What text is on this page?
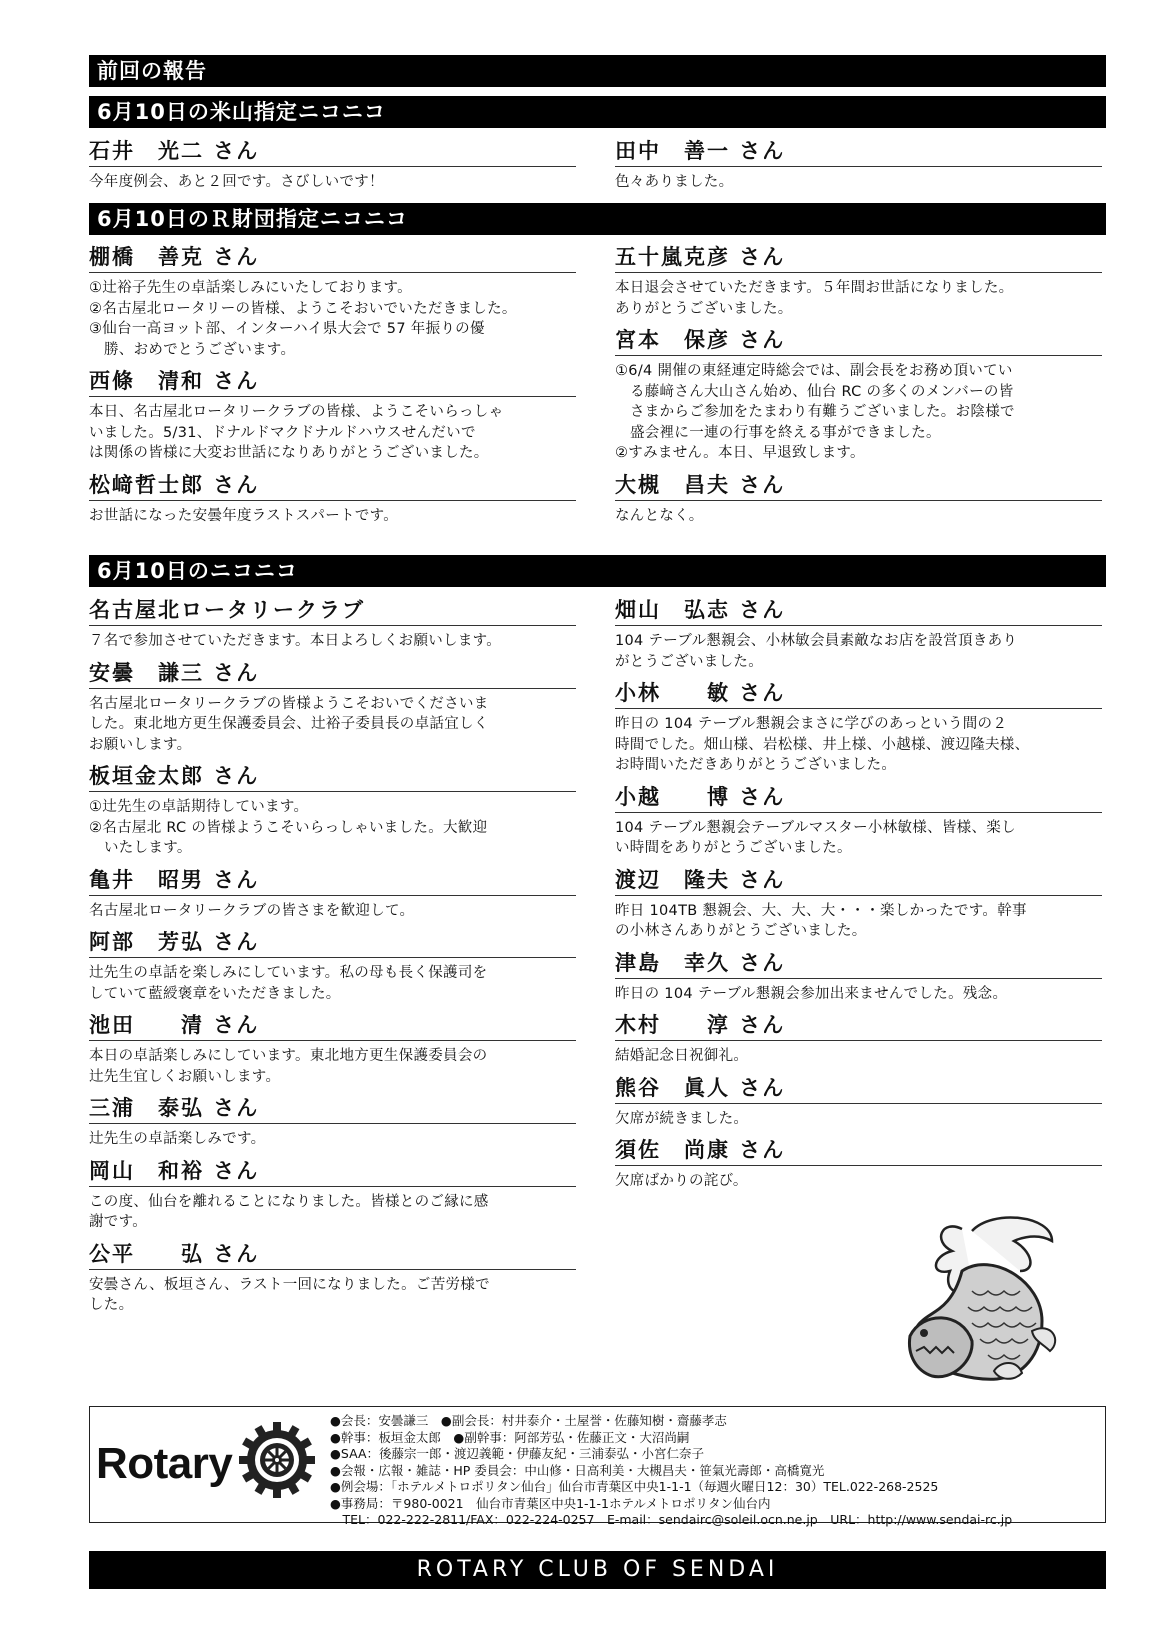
前回の報告
6月10日の米山指定ニコニコ
石井　光二 さん
今年度例会、あと２回です。さびしいです！
田中　善一 さん
色々ありました。
6月10日のＲ財団指定ニコニコ
棚橋　善克 さん
①辻裕子先生の卓話楽しみにいたしております。
②名古屋北ロータリーの皆様、ようこそおいでいただきました。
③仙台一高ヨット部、インターハイ県大会で 57 年振りの優
勝、おめでとうございます。
西條　清和 さん
本日、名古屋北ロータリークラブの皆様、ようこそいらっしゃ
いました。5/31、ドナルドマクドナルドハウスせんだいで
は関係の皆様に大変お世話になりありがとうございました。
松﨑哲士郎 さん
お世話になった安曇年度ラストスパートです。
五十嵐克彦 さん
本日退会させていただきます。５年間お世話になりました。
ありがとうございました。
宮本　保彦 さん
①6/4 開催の東経連定時総会では、副会長をお務め頂いてい
る藤﨑さん大山さん始め、仙台 RC の多くのメンバーの皆
さまからご参加をたまわり有難うございました。お陰様で
盛会裡に一連の行事を終える事ができました。
②すみません。本日、早退致します。
大槻　昌夫 さん
なんとなく。
6月10日のニコニコ
名古屋北ロータリークラブ
７名で参加させていただきます。本日よろしくお願いします。
安曇　謙三 さん
名古屋北ロータリークラブの皆様ようこそおいでくださいま
した。東北地方更生保護委員会、辻裕子委員長の卓話宜しく
お願いします。
板垣金太郎 さん
①辻先生の卓話期待しています。
②名古屋北 RC の皆様ようこそいらっしゃいました。大歓迎
いたします。
亀井　昭男 さん
名古屋北ロータリークラブの皆さまを歓迎して。
阿部　芳弘 さん
辻先生の卓話を楽しみにしています。私の母も長く保護司を
していて藍綬褒章をいただきました。
池田　　清 さん
本日の卓話楽しみにしています。東北地方更生保護委員会の
辻先生宜しくお願いします。
三浦　泰弘 さん
辻先生の卓話楽しみです。
岡山　和裕 さん
この度、仙台を離れることになりました。皆様とのご縁に感
謝です。
公平　　弘 さん
安曇さん、板垣さん、ラスト一回になりました。ご苦労様で
した。
畑山　弘志 さん
104 テーブル懇親会、小林敏会員素敵なお店を設営頂きあり
がとうございました。
小林　　敏 さん
昨日の 104 テーブル懇親会まさに学びのあっという間の２
時間でした。畑山様、岩松様、井上様、小越様、渡辺隆夫様、
お時間いただきありがとうございました。
小越　　博 さん
104 テーブル懇親会テーブルマスター小林敏様、皆様、楽し
い時間をありがとうございました。
渡辺　隆夫 さん
昨日 104TB 懇親会、大、大、大・・・楽しかったです。幹事
の小林さんありがとうございました。
津島　幸久 さん
昨日の 104 テーブル懇親会参加出来ませんでした。残念。
木村　　淳 さん
結婚記念日祝御礼。
熊谷　眞人 さん
欠席が続きました。
須佐　尚康 さん
欠席ばかりの詫び。
Rotary
●会長：安曇謙三　●副会長：村井泰介・土屋誉・佐藤知樹・齋藤孝志
●幹事：板垣金太郎　●副幹事：阿部芳弘・佐藤正文・大沼尚嗣
●SAA：後藤宗一郎・渡辺義範・伊藤友紀・三浦泰弘・小宮仁奈子
●会報・広報・雑誌・HP 委員会：中山修・日高利美・大槻昌夫・笹氣光壽郎・高橋寛光
●例会場：「ホテルメトロポリタン仙台」仙台市青葉区中央1-1-1（毎週火曜日12：30）TEL.022-268-2525
●事務局：〒980-0021　仙台市青葉区中央1-1-1ホテルメトロポリタン仙台内
　TEL：022-222-2811/FAX：022-224-0257　E-mail：sendairc@soleil.ocn.ne.jp　URL：http://www.sendai-rc.jp
ROTARY CLUB OF SENDAI
